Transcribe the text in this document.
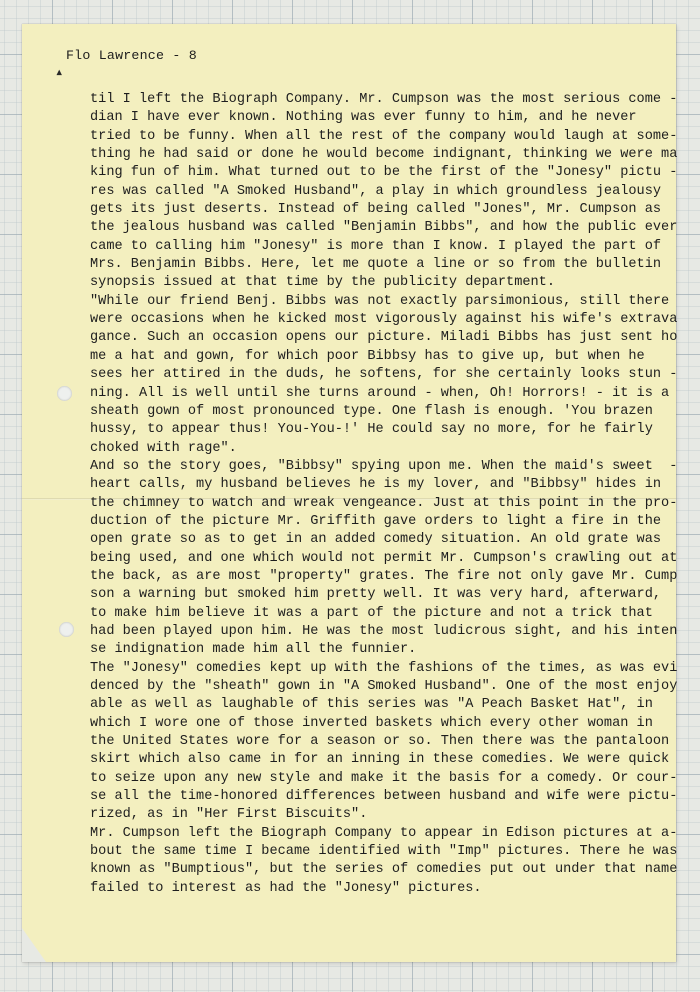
▴

Flo Lawrence - 8

til I left the Biograph Company. Mr. Cumpson was the most serious come -
dian I have ever known. Nothing was ever funny to him, and he never
tried to be funny. When all the rest of the company would laugh at some-
thing he had said or done he would become indignant, thinking we were ma
king fun of him. What turned out to be the first of the "Jonesy" pictu -
res was called "A Smoked Husband", a play in which groundless jealousy
gets its just deserts. Instead of being called "Jones", Mr. Cumpson as
the jealous husband was called "Benjamin Bibbs", and how the public ever
came to calling him "Jonesy" is more than I know. I played the part of
Mrs. Benjamin Bibbs. Here, let me quote a line or so from the bulletin
synopsis issued at that time by the publicity department.
"While our friend Benj. Bibbs was not exactly parsimonious, still there
were occasions when he kicked most vigorously against his wife's extrava
gance. Such an occasion opens our picture. Miladi Bibbs has just sent ho
me a hat and gown, for which poor Bibbsy has to give up, but when he
sees her attired in the duds, he softens, for she certainly looks stun -
ning. All is well until she turns around - when, Oh! Horrors! - it is a
sheath gown of most pronounced type. One flash is enough. 'You brazen
hussy, to appear thus! You-You-!' He could say no more, for he fairly
choked with rage".
And so the story goes, "Bibbsy" spying upon me. When the maid's sweet  -
heart calls, my husband believes he is my lover, and "Bibbsy" hides in
the chimney to watch and wreak vengeance. Just at this point in the pro-
duction of the picture Mr. Griffith gave orders to light a fire in the
open grate so as to get in an added comedy situation. An old grate was
being used, and one which would not permit Mr. Cumpson's crawling out at
the back, as are most "property" grates. The fire not only gave Mr. Cump
son a warning but smoked him pretty well. It was very hard, afterward,
to make him believe it was a part of the picture and not a trick that
had been played upon him. He was the most ludicrous sight, and his inten
se indignation made him all the funnier.
The "Jonesy" comedies kept up with the fashions of the times, as was evi
denced by the "sheath" gown in "A Smoked Husband". One of the most enjoy
able as well as laughable of this series was "A Peach Basket Hat", in
which I wore one of those inverted baskets which every other woman in
the United States wore for a season or so. Then there was the pantaloon
skirt which also came in for an inning in these comedies. We were quick
to seize upon any new style and make it the basis for a comedy. Or cour-
se all the time-honored differences between husband and wife were pictu-
rized, as in "Her First Biscuits".
Mr. Cumpson left the Biograph Company to appear in Edison pictures at a-
bout the same time I became identified with "Imp" pictures. There he was
known as "Bumptious", but the series of comedies put out under that name
failed to interest as had the "Jonesy" pictures.
